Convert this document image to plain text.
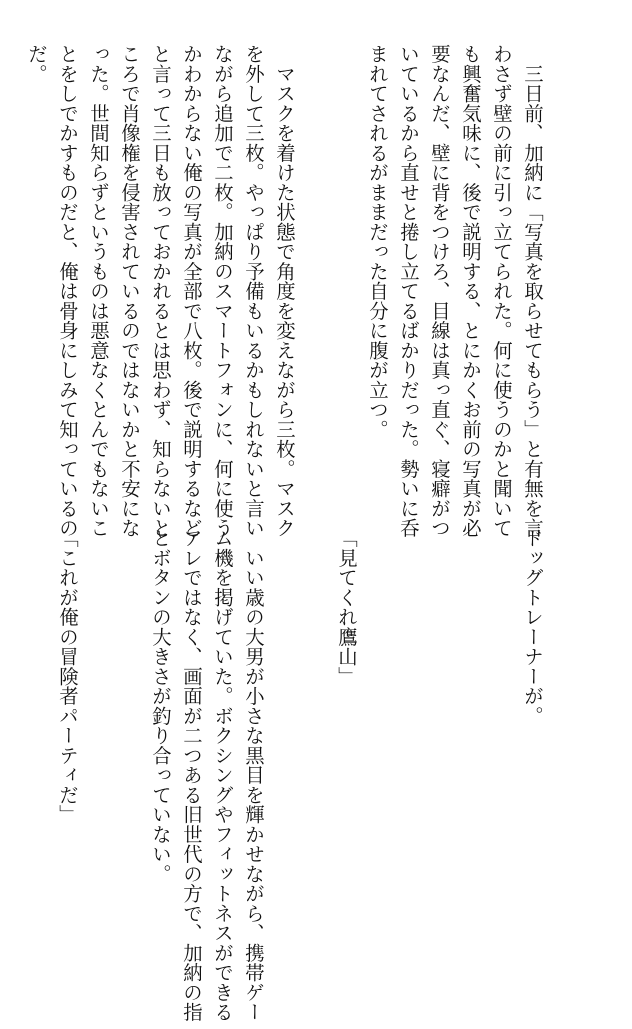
　三日前、加納に「写真を取らせてもらう」と有無を言
わさず壁の前に引っ立てられた。何に使うのかと聞いて
も興奮気味に、後で説明する、とにかくお前の写真が必
要なんだ、壁に背をつけろ、目線は真っ直ぐ、寝癖がつ
いているから直せと捲し立てるばかりだった。勢いに呑
まれてされるがままだった自分に腹が立つ。

　マスクを着けた状態で角度を変えながら三枚。マスク
を外して三枚。やっぱり予備もいるかもしれないと言い
ながら追加で二枚。加納のスマートフォンに、何に使う
かわからない俺の写真が全部で八枚。後で説明するなど
と言って三日も放っておかれるとは思わず、知らないと
ころで肖像権を侵害されているのではないかと不安にな
った。世間知らずというものは悪意なくとんでもないこ
とをしでかすものだと、俺は骨身にしみて知っているの
だ。

ドッグトレーナーが。

「見てくれ鷹山」

　いい歳の大男が小さな黒目を輝かせながら、携帯ゲー
ム機を掲げていた。ボクシングやフィットネスができる
アレではなく、画面が二つある旧世代の方で、加納の指
とボタンの大きさが釣り合っていない。

「これが俺の冒険者パーティだ」
